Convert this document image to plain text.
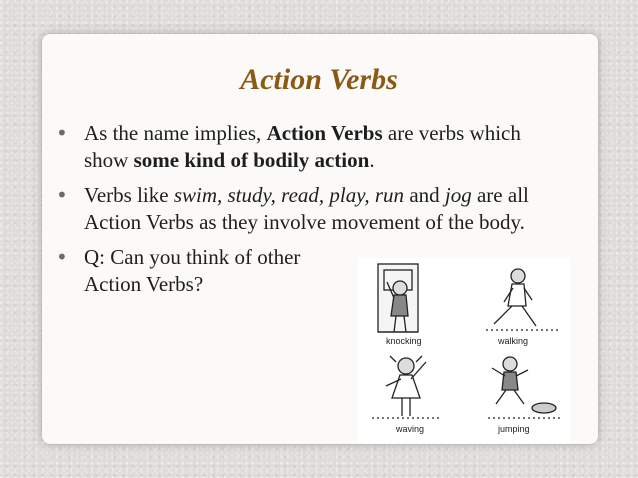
Action Verbs
• As the name implies, Action Verbs are verbs which show some kind of bodily action.
• Verbs like swim, study, read, play, run and jog are all Action Verbs as they involve movement of the body.
• Q: Can you think of other Action Verbs?
knocking	walking
waving	jumping
